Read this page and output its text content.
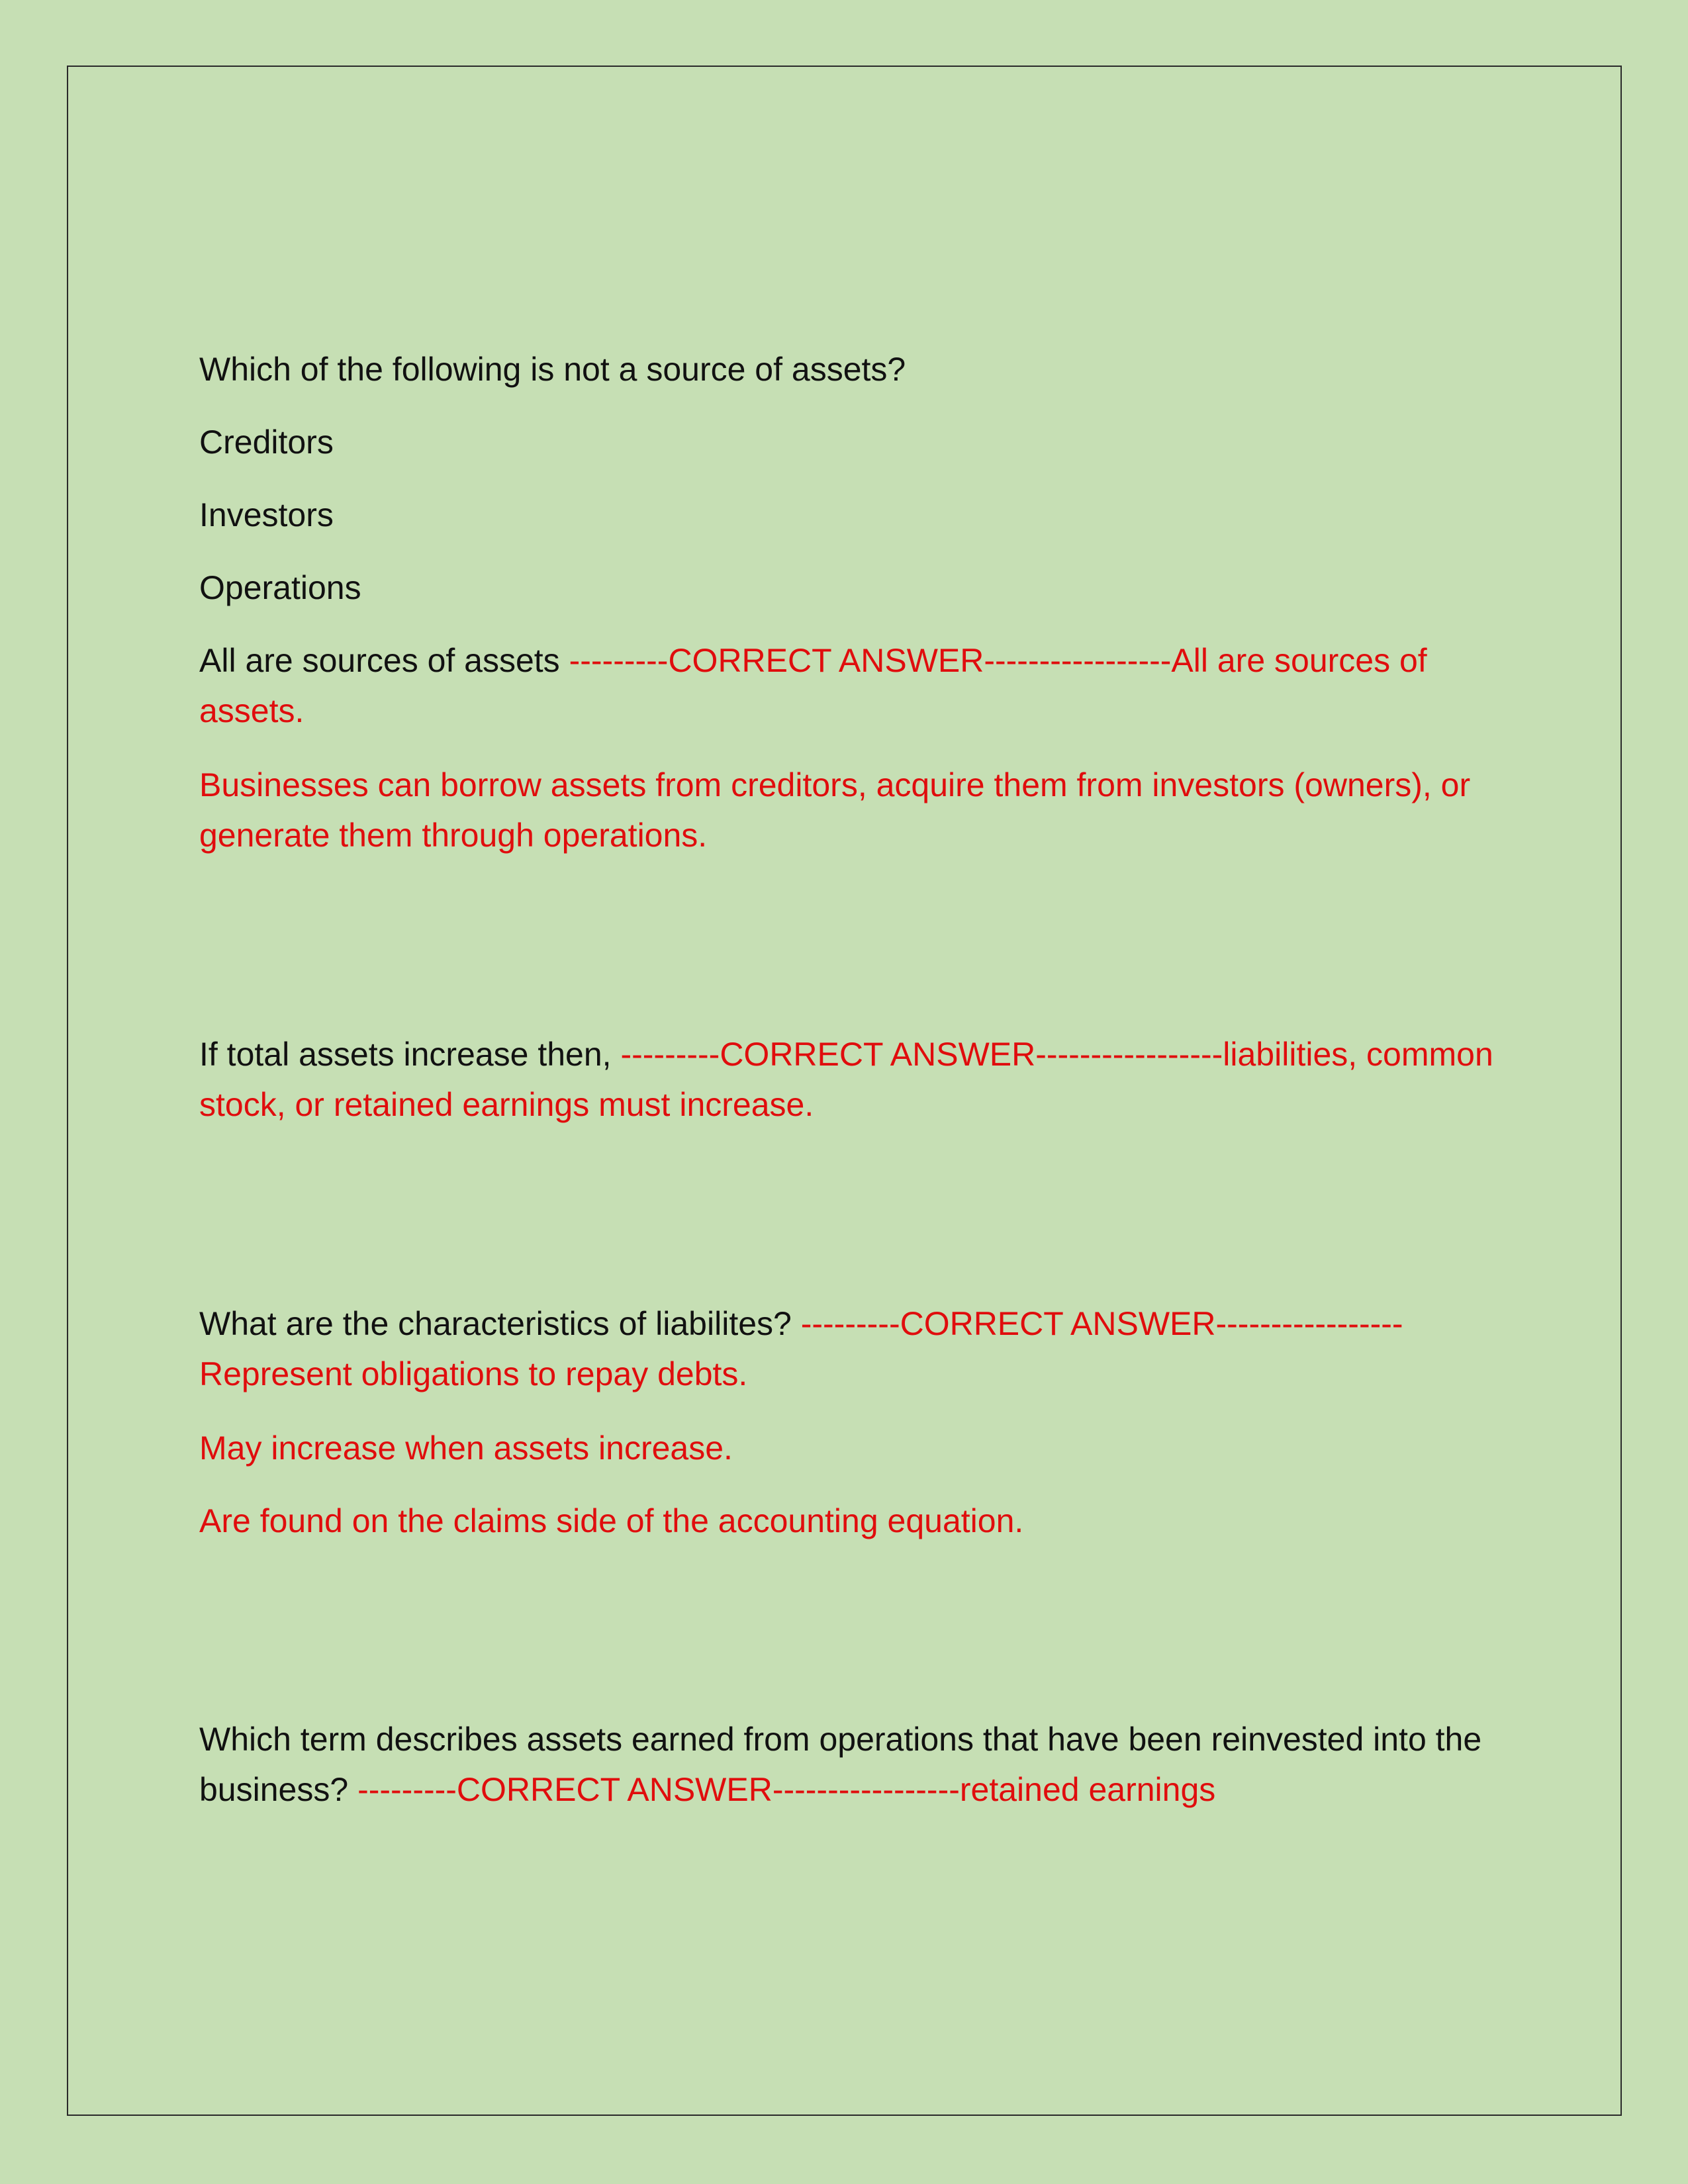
Which of the following is not a source of assets?

Creditors

Investors

Operations

All are sources of assets ---------CORRECT ANSWER-----------------All are sources of assets.

Businesses can borrow assets from creditors, acquire them from investors (owners), or generate them through operations.

If total assets increase then, ---------CORRECT ANSWER-----------------liabilities, common stock, or retained earnings must increase.

What are the characteristics of liabilites? ---------CORRECT ANSWER----------------- Represent obligations to repay debts.

May increase when assets increase.

Are found on the claims side of the accounting equation.

Which term describes assets earned from operations that have been reinvested into the business? ---------CORRECT ANSWER-----------------retained earnings
